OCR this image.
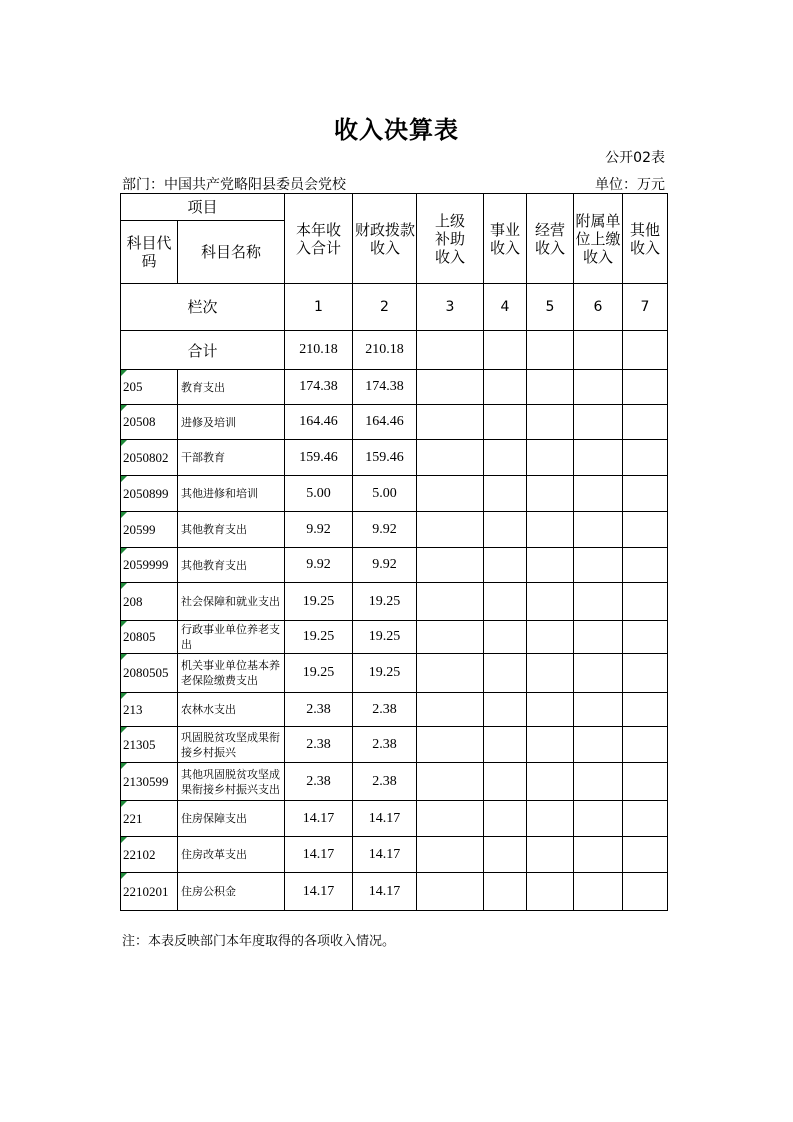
收入决算表
公开02表
部门：中国共产党略阳县委员会党校	单位：万元
项目		本年收入合计	财政拨款收入	上级补助收入	事业收入	经营收入	附属单位上缴收入	其他收入

科目代码	科目名称							
栏次		1	2	3	4	5	6	7
合计		210.18	210.18					

205	教育支出	174.38	174.38					

20508	进修及培训	164.46	164.46					

2050802	干部教育	159.46	159.46					

2050899	其他进修和培训	5.00	5.00					

20599	其他教育支出	9.92	9.92					

2059999	其他教育支出	9.92	9.92					

208	社会保障和就业支出	19.25	19.25					

20805	行政事业单位养老支出	19.25	19.25					

2080505	机关事业单位基本养老保险缴费支出	19.25	19.25					

213	农林水支出	2.38	2.38					

21305	巩固脱贫攻坚成果衔接乡村振兴	2.38	2.38					

2130599	其他巩固脱贫攻坚成果衔接乡村振兴支出	2.38	2.38					

221	住房保障支出	14.17	14.17					

22102	住房改革支出	14.17	14.17					

2210201	住房公积金	14.17	14.17					
注：本表反映部门本年度取得的各项收入情况。
